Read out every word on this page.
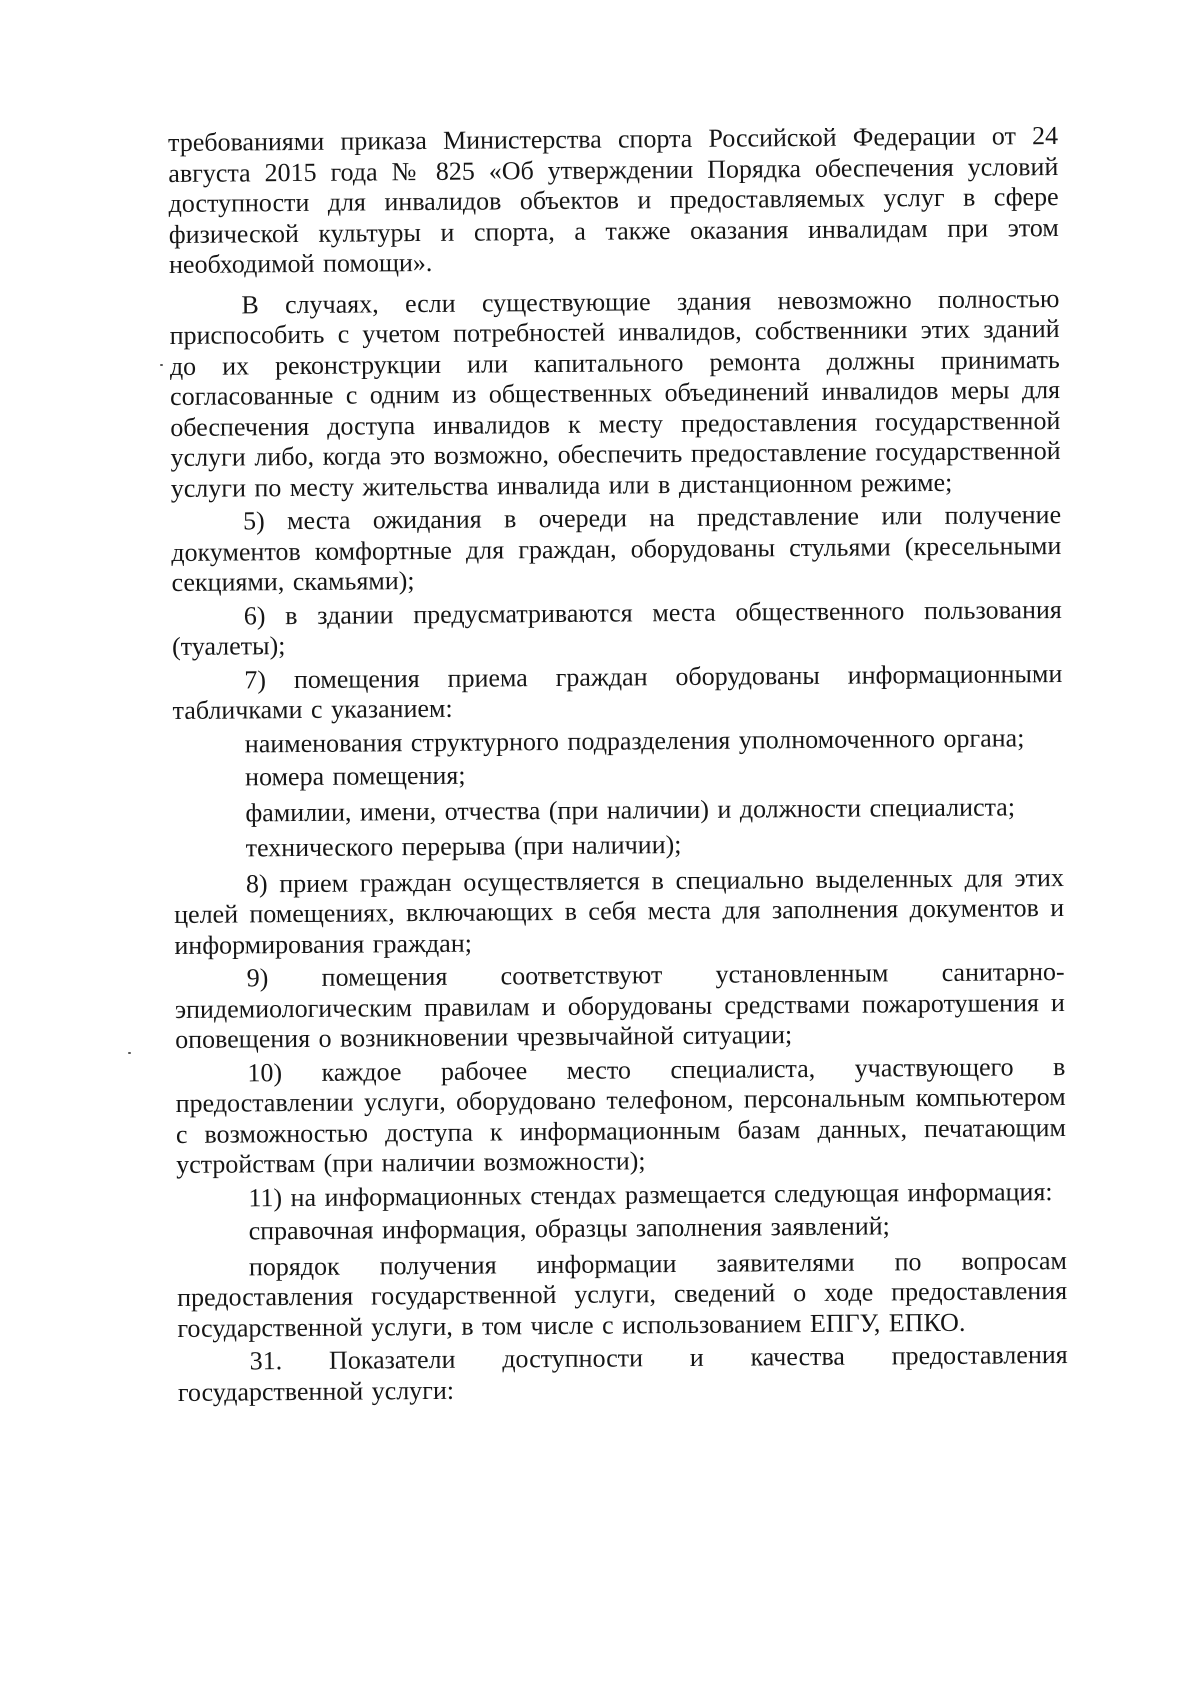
требованиями приказа Министерства спорта Российской Федерации от 24 августа 2015 года № 825 «Об утверждении Порядка обеспечения условий доступности для инвалидов объектов и предоставляемых услуг в сфере физической культуры и спорта, а также оказания инвалидам при этом необходимой помощи».

В случаях, если существующие здания невозможно полностью приспособить с учетом потребностей инвалидов, собственники этих зданий до их реконструкции или капитального ремонта должны принимать согласованные с одним из общественных объединений инвалидов меры для обеспечения доступа инвалидов к месту предоставления государственной услуги либо, когда это возможно, обеспечить предоставление государственной услуги по месту жительства инвалида или в дистанционном режиме;

5) места ожидания в очереди на представление или получение документов комфортные для граждан, оборудованы стульями (кресельными секциями, скамьями);

6) в здании предусматриваются места общественного пользования (туалеты);

7) помещения приема граждан оборудованы информационными табличками с указанием:

наименования структурного подразделения уполномоченного органа;

номера помещения;

фамилии, имени, отчества (при наличии) и должности специалиста;

технического перерыва (при наличии);

8) прием граждан осуществляется в специально выделенных для этих целей помещениях, включающих в себя места для заполнения документов и информирования граждан;

9) помещения соответствуют установленным санитарно-эпидемиологическим правилам и оборудованы средствами пожаротушения и оповещения о возникновении чрезвычайной ситуации;

10) каждое рабочее место специалиста, участвующего в предоставлении услуги, оборудовано телефоном, персональным компьютером с возможностью доступа к информационным базам данных, печатающим устройствам (при наличии возможности);

11) на информационных стендах размещается следующая информация:

справочная информация, образцы заполнения заявлений;

порядок получения информации заявителями по вопросам предоставления государственной услуги, сведений о ходе предоставления государственной услуги, в том числе с использованием ЕПГУ, ЕПКО.

31. Показатели доступности и качества предоставления государственной услуги:
